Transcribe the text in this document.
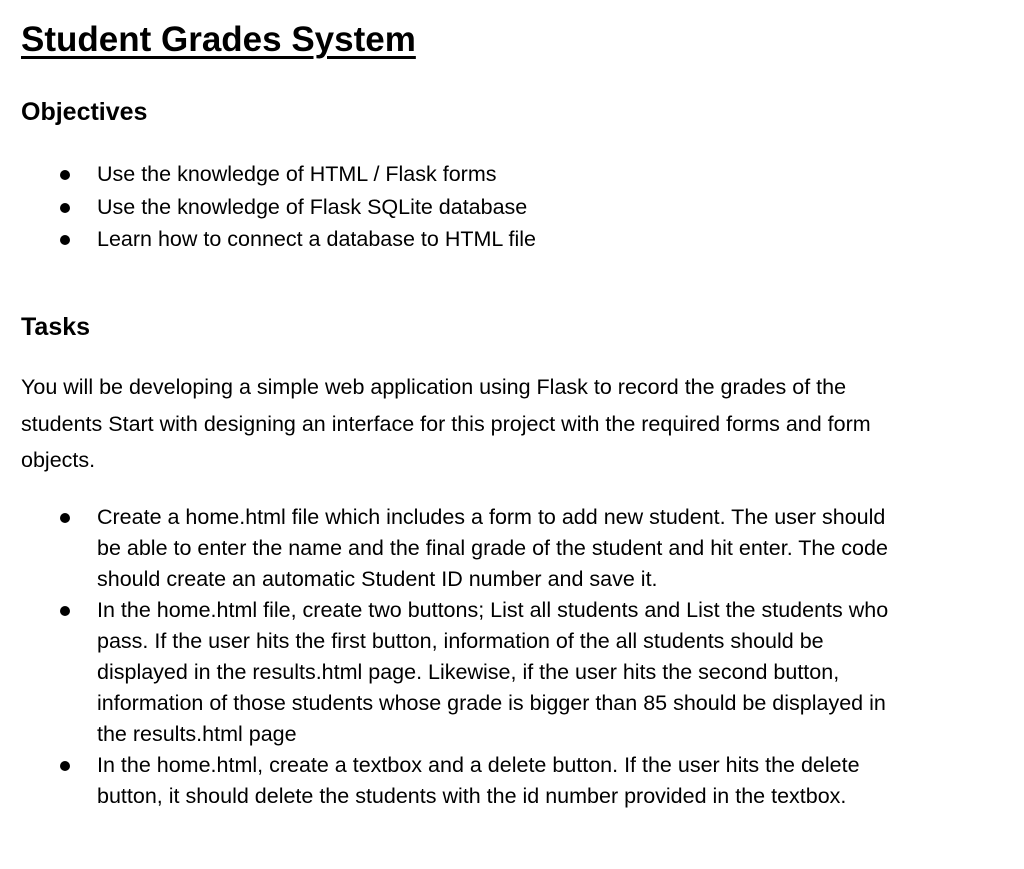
Student Grades System
Objectives
Use the knowledge of HTML / Flask forms
Use the knowledge of Flask SQLite database
Learn how to connect a database to HTML file
Tasks

You will be developing a simple web application using Flask to record the grades of the
students Start with designing an interface for this project with the required forms and form
objects.

Create a home.html file which includes a form to add new student. The user should
be able to enter the name and the final grade of the student and hit enter. The code
should create an automatic Student ID number and save it.
In the home.html file, create two buttons; List all students and List the students who
pass. If the user hits the first button, information of the all students should be
displayed in the results.html page. Likewise, if the user hits the second button,
information of those students whose grade is bigger than 85 should be displayed in
the results.html page
In the home.html, create a textbox and a delete button. If the user hits the delete
button, it should delete the students with the id number provided in the textbox.
